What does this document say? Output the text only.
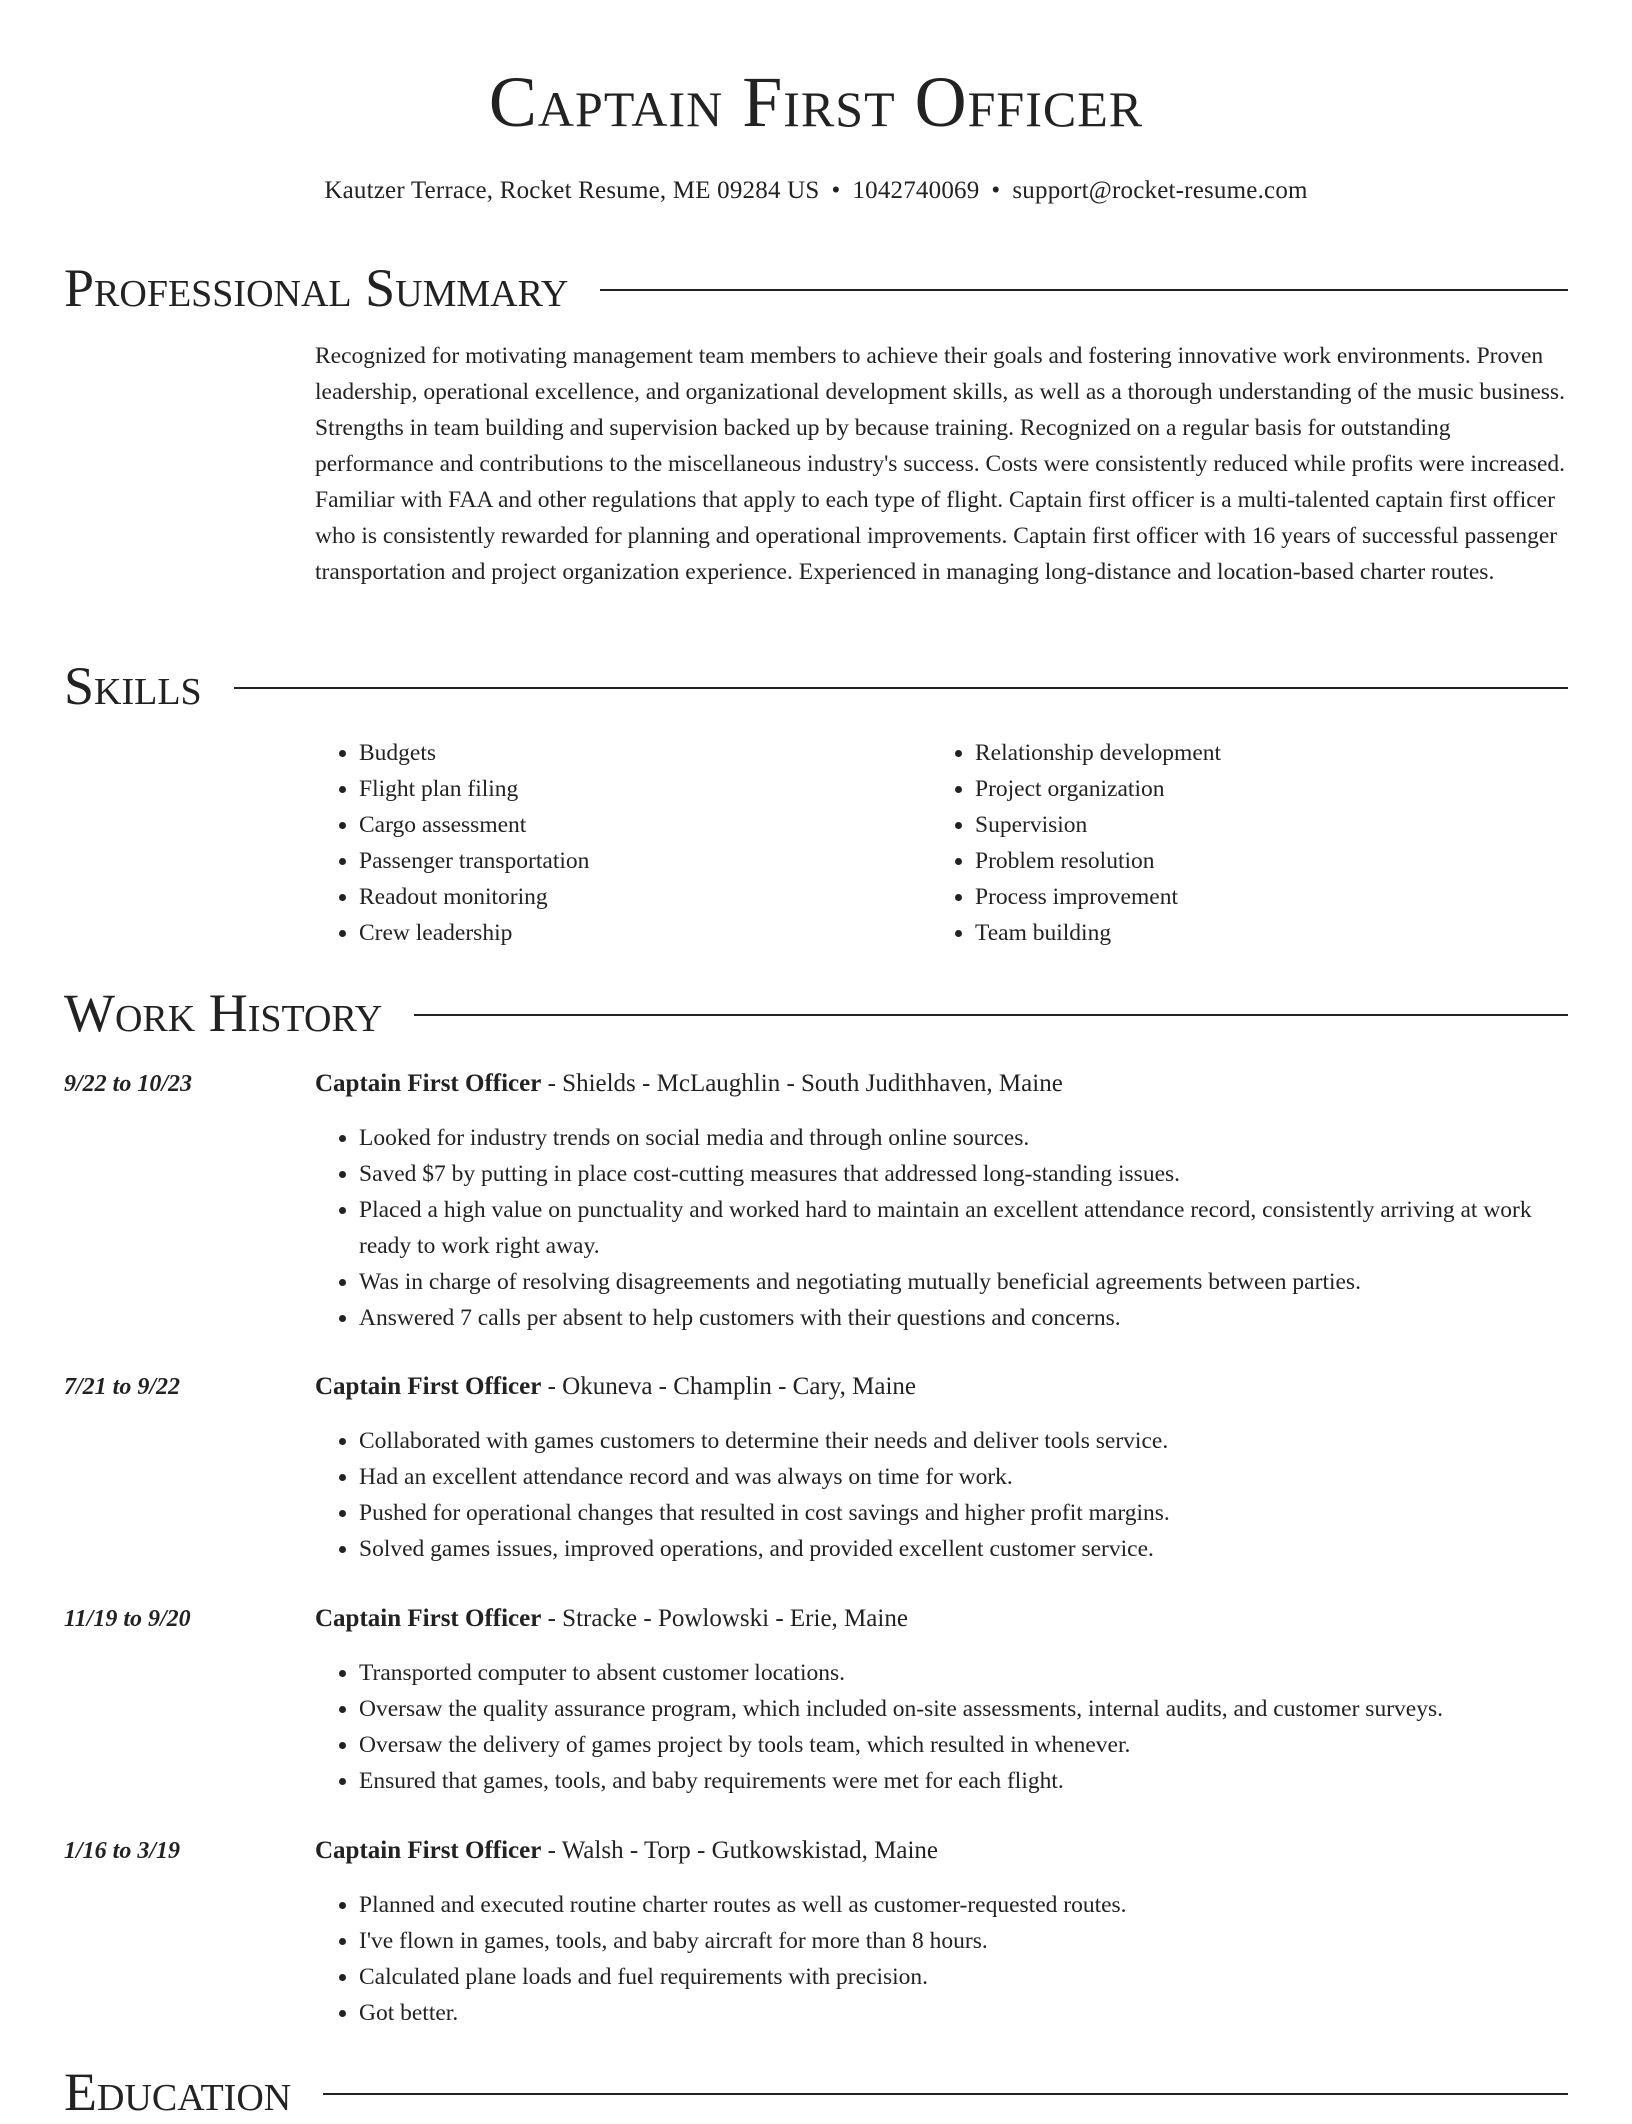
Captain First Officer
Kautzer Terrace, Rocket Resume, ME 09284 US • 1042740069 • support@rocket-resume.com
Professional Summary

Recognized for motivating management team members to achieve their goals and fostering innovative work environments. Proven leadership, operational excellence, and organizational development skills, as well as a thorough understanding of the music business. Strengths in team building and supervision backed up by because training. Recognized on a regular basis for outstanding performance and contributions to the miscellaneous industry's success. Costs were consistently reduced while profits were increased. Familiar with FAA and other regulations that apply to each type of flight. Captain first officer is a multi-talented captain first officer who is consistently rewarded for planning and operational improvements. Captain first officer with 16 years of successful passenger transportation and project organization experience. Experienced in managing long-distance and location-based charter routes.

Skills
• Budgets
• Flight plan filing
• Cargo assessment
• Passenger transportation
• Readout monitoring
• Crew leadership
• Relationship development
• Project organization
• Supervision
• Problem resolution
• Process improvement
• Team building
Work History
9/22 to 10/23	Captain First Officer - Shields - McLaughlin - South Judithhaven, Maine
• Looked for industry trends on social media and through online sources.
• Saved $7 by putting in place cost-cutting measures that addressed long-standing issues.
• Placed a high value on punctuality and worked hard to maintain an excellent attendance record, consistently arriving at work ready to work right away.
• Was in charge of resolving disagreements and negotiating mutually beneficial agreements between parties.
• Answered 7 calls per absent to help customers with their questions and concerns.
7/21 to 9/22	Captain First Officer - Okuneva - Champlin - Cary, Maine
• Collaborated with games customers to determine their needs and deliver tools service.
• Had an excellent attendance record and was always on time for work.
• Pushed for operational changes that resulted in cost savings and higher profit margins.
• Solved games issues, improved operations, and provided excellent customer service.
11/19 to 9/20	Captain First Officer - Stracke - Powlowski - Erie, Maine
• Transported computer to absent customer locations.
• Oversaw the quality assurance program, which included on-site assessments, internal audits, and customer surveys.
• Oversaw the delivery of games project by tools team, which resulted in whenever.
• Ensured that games, tools, and baby requirements were met for each flight.
1/16 to 3/19	Captain First Officer - Walsh - Torp - Gutkowskistad, Maine
• Planned and executed routine charter routes as well as customer-requested routes.
• I've flown in games, tools, and baby aircraft for more than 8 hours.
• Calculated plane loads and fuel requirements with precision.
• Got better.
Education
